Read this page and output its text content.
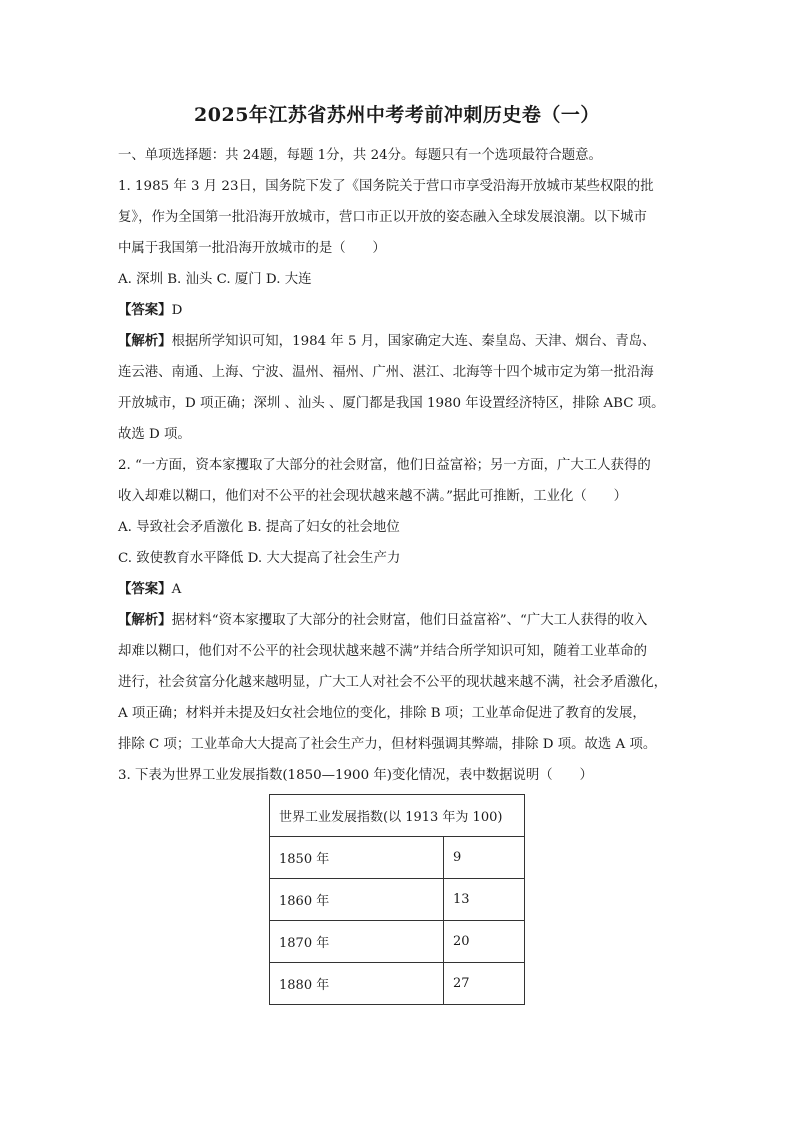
2025年江苏省苏州中考考前冲刺历史卷（一）
一、单项选择题：共 24题，每题 1分，共 24分。每题只有一个选项最符合题意。
1. 1985 年 3 月 23日，国务院下发了《国务院关于营口市享受沿海开放城市某些权限的批
复》，作为全国第一批沿海开放城市，营口市正以开放的姿态融入全球发展浪潮。以下城市
中属于我国第一批沿海开放城市的是（　　）
A. 深圳 B. 汕头 C. 厦门 D. 大连
【答案】D
【解析】根据所学知识可知，1984 年 5 月，国家确定大连、秦皇岛、天津、烟台、青岛、
连云港、南通、上海、宁波、温州、福州、广州、湛江、北海等十四个城市定为第一批沿海
开放城市，D 项正确；深圳 、汕头 、厦门都是我国 1980 年设置经济特区，排除 ABC 项。
故选 D 项。
2. “一方面，资本家攫取了大部分的社会财富，他们日益富裕；另一方面，广大工人获得的
收入却难以糊口，他们对不公平的社会现状越来越不满。”据此可推断，工业化（　　）
A. 导致社会矛盾激化 B. 提高了妇女的社会地位
C. 致使教育水平降低 D. 大大提高了社会生产力
【答案】A
【解析】据材料“资本家攫取了大部分的社会财富，他们日益富裕”、“广大工人获得的收入
却难以糊口，他们对不公平的社会现状越来越不满”并结合所学知识可知，随着工业革命的
进行，社会贫富分化越来越明显，广大工人对社会不公平的现状越来越不满，社会矛盾激化，
A 项正确；材料并未提及妇女社会地位的变化，排除 B 项；工业革命促进了教育的发展，
排除 C 项；工业革命大大提高了社会生产力，但材料强调其弊端，排除 D 项。故选 A 项。
3. 下表为世界工业发展指数(1850—1900 年)变化情况，表中数据说明（　　）
世界工业发展指数(以 1913 年为 100)	
1850 年	9
1860 年	13
1870 年	20
1880 年	27
